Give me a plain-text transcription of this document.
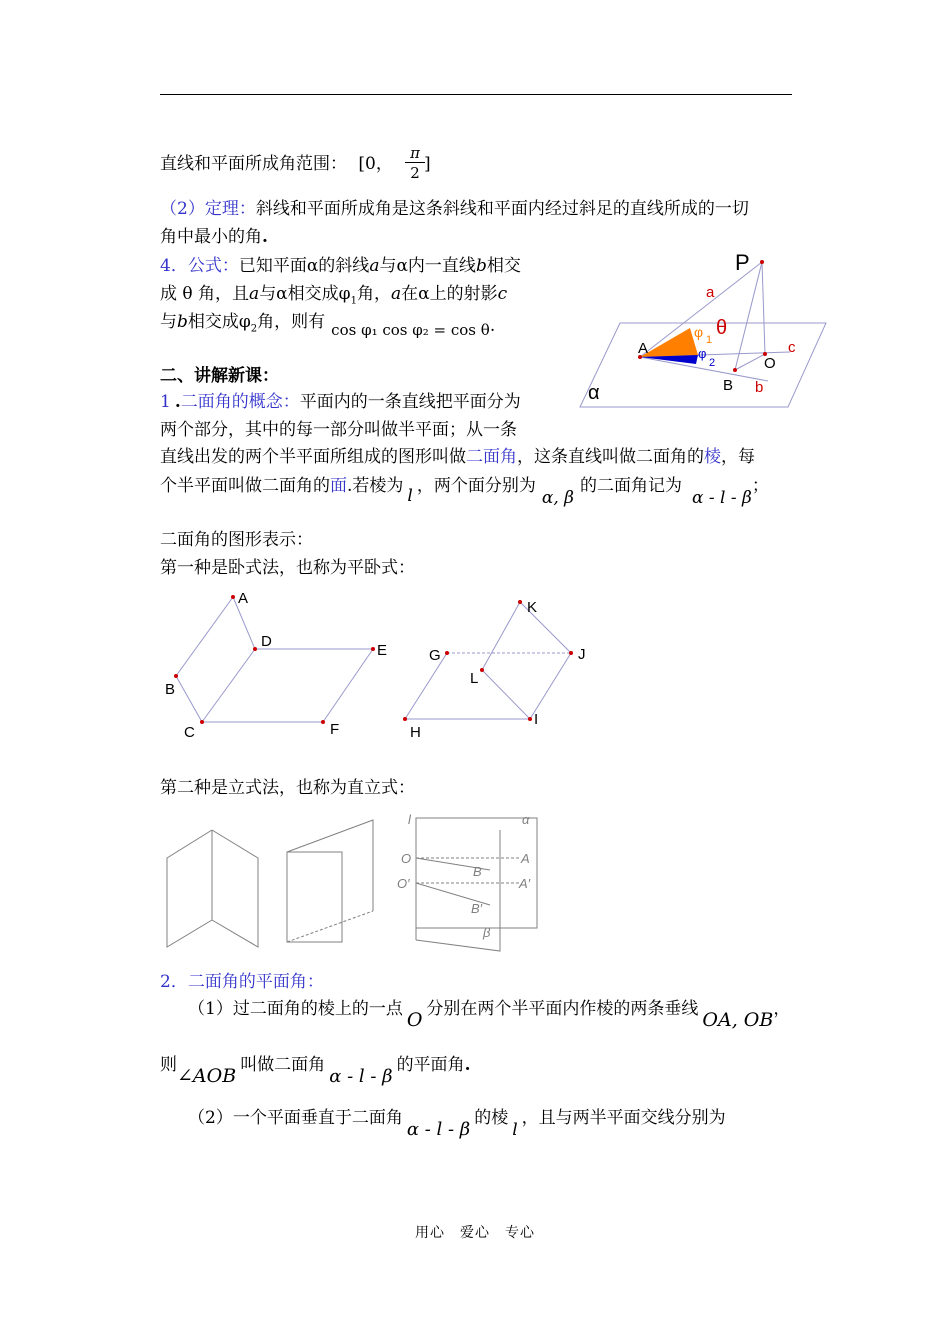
直线和平面所成角范围： [0， $\frac{\pi}{2}$ ]
（2）定理：斜线和平面所成角是这条斜线和平面内经过斜足的直线所成的一切
角中最小的角.
4．公式：已知平面α的斜线a与α内一直线b相交
成 θ 角，且a与α相交成$\varphi_1$角，a在α上的射影c
与b相交成$\varphi_2$角，则有 cos φ₁ cos φ₂ = cos θ.
二、讲解新课：
1 .二面角的概念：平面内的一条直线把平面分为
两个部分，其中的每一部分叫做半平面；从一条
直线出发的两个半平面所组成的图形叫做二面角，这条直线叫做二面角的棱，每
个半平面叫做二面角的面.若棱为 l ，两个面分别为α, β的二面角记为α - l - β；
二面角的图形表示：
第一种是卧式法，也称为平卧式：
P
a
θ
φ 1
A	φ
2	O
c
B b
α
A
B
C
D
E
F
K
G	J
L
H
I
第二种是立式法，也称为直立式：
l	α
O	A
B
O′	A′
B′
β
2．二面角的平面角：
（1）过二面角的棱上的一点 O 分别在两个半平面内作棱的两条垂线 OA, OB，
则∠AOB 叫做二面角α - l - β的平面角.
（2）一个平面垂直于二面角α - l - β的棱l，且与两半平面交线分别为
用心　爱心　专心
